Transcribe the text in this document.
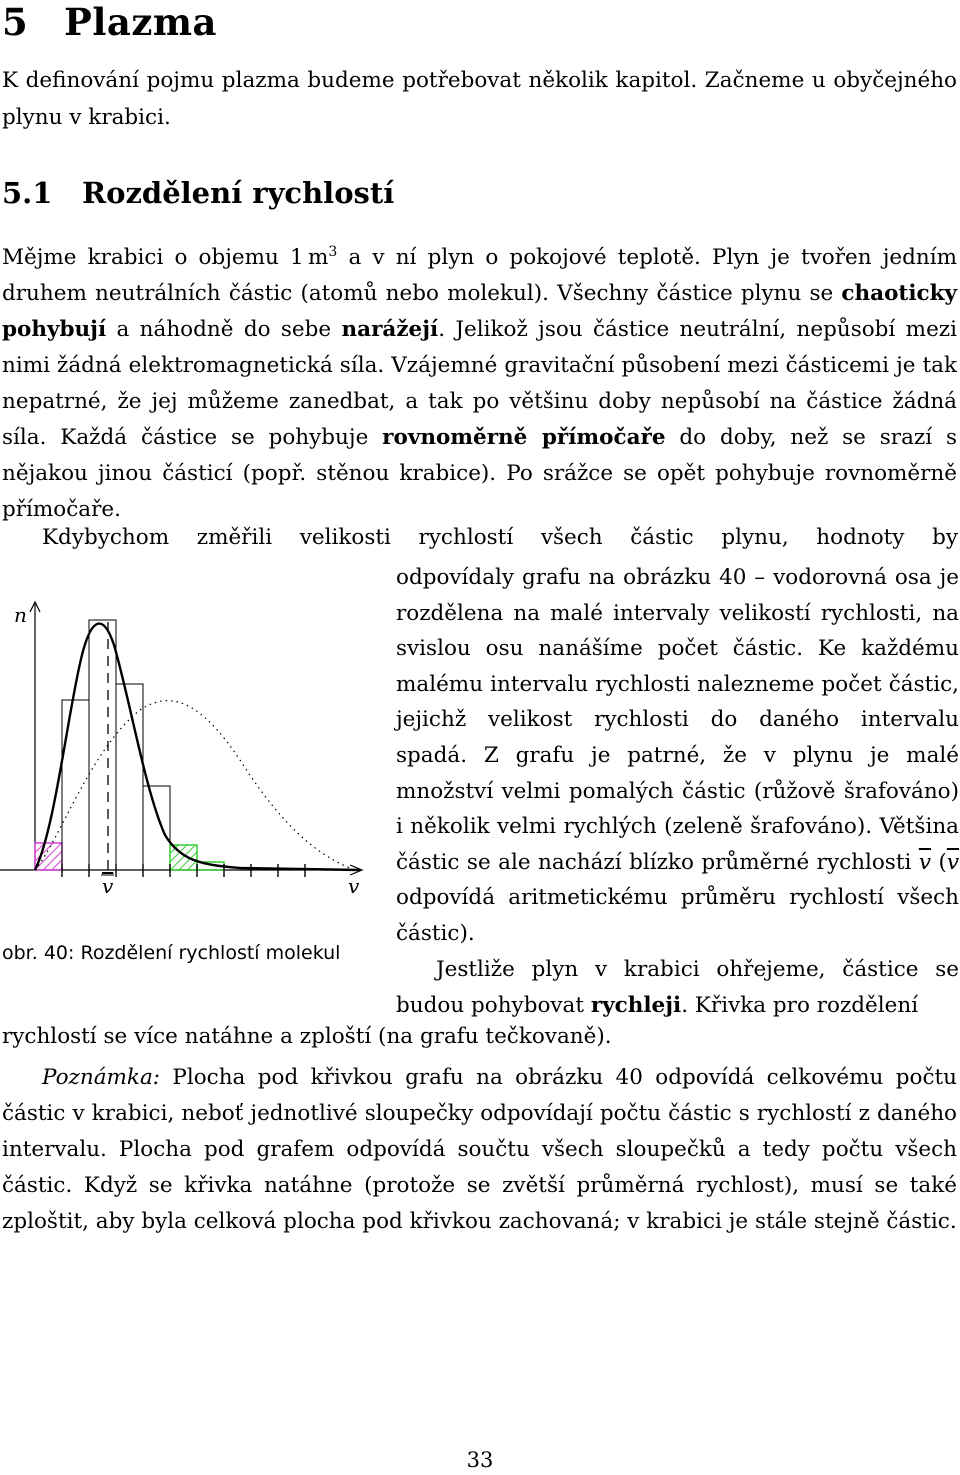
5 Plazma

K definování pojmu plazma budeme potřebovat několik kapitol. Začneme u obyčejného plynu v krabici.

5.1 Rozdělení rychlostí

Mějme krabici o objemu 1 $m^3$ a v ní plyn o pokojové teplotě. Plyn je tvořen jedním druhem neutrálních částic (atomů nebo molekul). Všechny částice plynu se chaoticky pohybují a náhodně do sebe narážejí. Jelikož jsou částice neutrální, nepůsobí mezi nimi žádná elektromagnetická síla. Vzájemné gravitační působení mezi částicemi je tak nepatrné, že jej můžeme zanedbat, a tak po většinu doby nepůsobí na částice žádná síla. Každá částice se pohybuje rovnoměrně přímočaře do doby, než se srazí s nějakou jinou částicí (popř. stěnou krabice). Po srážce se opět pohybuje rovnoměrně přímočaře.

Kdybychom změřili velikosti rychlostí všech částic plynu, hodnoty by

odpovídaly grafu na obrázku 40 – vodorovná osa je rozdělena na malé intervaly velikostí rychlosti, na svislou osu nanášíme počet částic. Ke každému malému intervalu rychlosti nalezneme počet částic, jejichž velikost rychlosti do daného intervalu spadá. Z grafu je patrné, že v plynu je malé množství velmi pomalých částic (růžově šrafováno) i několik velmi rychlých (zeleně šrafováno). Většina částic se ale nachází blízko průměrné rychlosti $\overline{v}$ ($\overline{v}$ odpovídá aritmetickému průměru rychlostí všech částic).

Jestliže plyn v krabici ohřejeme, částice se budou pohybovat rychleji. Křivka pro rozdělení

rychlostí se více natáhne a zploští (na grafu tečkovaně).

Poznámka: Plocha pod křivkou grafu na obrázku 40 odpovídá celkovému počtu částic v krabici, neboť jednotlivé sloupečky odpovídají počtu částic s rychlostí z daného intervalu. Plocha pod grafem odpovídá součtu všech sloupečků a tedy počtu všech částic. Když se křivka natáhne (protože se zvětší průměrná rychlost), musí se také zploštit, aby byla celková plocha pod křivkou zachovaná; v krabici je stále stejně částic.

n
v	v
obr. 40: Rozdělení rychlostí molekul
33
